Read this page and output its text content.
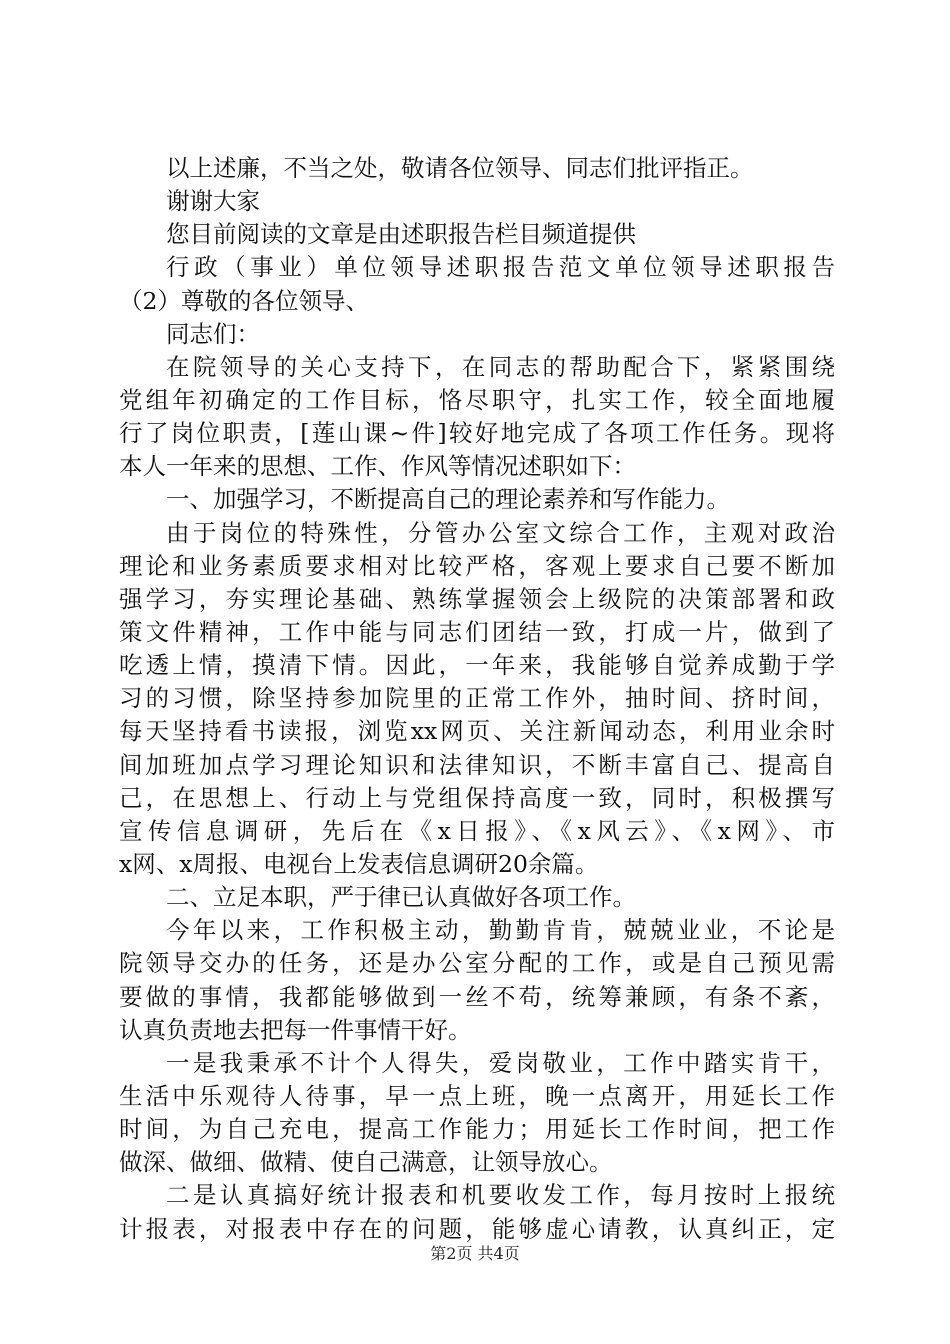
以上述廉，不当之处，敬请各位领导、同志们批评指正。
谢谢大家
您目前阅读的文章是由述职报告栏目频道提供
行政（事业）单位领导述职报告范文单位领导述职报告
（2）尊敬的各位领导、
同志们：
在院领导的关心支持下，在同志的帮助配合下，紧紧围绕
党组年初确定的工作目标，恪尽职守，扎实工作，较全面地履
行了岗位职责，[莲山课~件]较好地完成了各项工作任务。现将
本人一年来的思想、工作、作风等情况述职如下：
一、加强学习，不断提高自己的理论素养和写作能力。
由于岗位的特殊性，分管办公室文综合工作，主观对政治
理论和业务素质要求相对比较严格，客观上要求自己要不断加
强学习，夯实理论基础、熟练掌握领会上级院的决策部署和政
策文件精神，工作中能与同志们团结一致，打成一片，做到了
吃透上情，摸清下情。因此，一年来，我能够自觉养成勤于学
习的习惯，除坚持参加院里的正常工作外，抽时间、挤时间，
每天坚持看书读报，浏览xx网页、关注新闻动态，利用业余时
间加班加点学习理论知识和法律知识，不断丰富自己、提高自
己，在思想上、行动上与党组保持高度一致，同时，积极撰写
宣传信息调研，先后在《x日报》、《x风云》、《x网》、市
x网、x周报、电视台上发表信息调研20余篇。
二、立足本职，严于律已认真做好各项工作。
今年以来，工作积极主动，勤勤肯肯，兢兢业业，不论是
院领导交办的任务，还是办公室分配的工作，或是自己预见需
要做的事情，我都能够做到一丝不苟，统筹兼顾，有条不紊，
认真负责地去把每一件事情干好。
一是我秉承不计个人得失，爱岗敬业，工作中踏实肯干，
生活中乐观待人待事，早一点上班，晚一点离开，用延长工作
时间，为自己充电，提高工作能力；用延长工作时间，把工作
做深、做细、做精、使自己满意，让领导放心。
二是认真搞好统计报表和机要收发工作，每月按时上报统
计报表，对报表中存在的问题，能够虚心请教，认真纠正，定
第2页 共4页
